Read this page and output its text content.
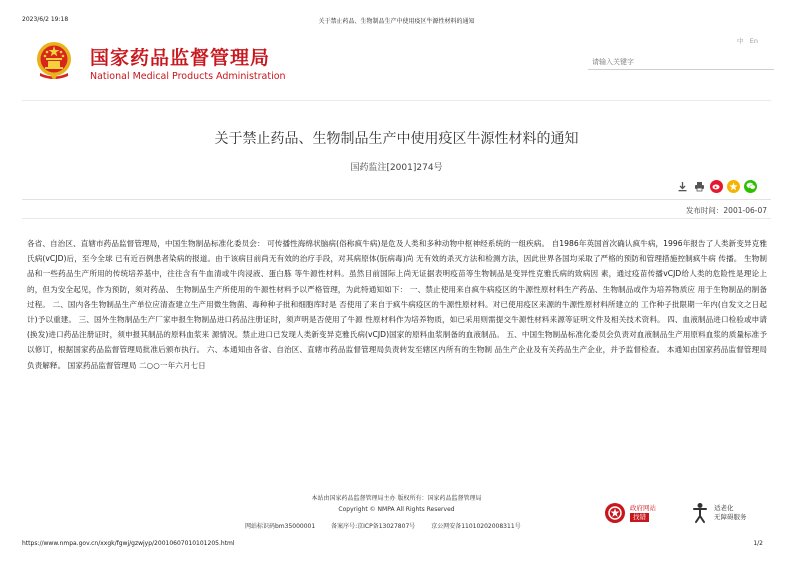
2023/6/2 19:18	关于禁止药品、生物制品生产中使用疫区牛源性材料的通知
国家药品监督管理局
National Medical Products Administration
中 En
请输入关键字
关于禁止药品、生物制品生产中使用疫区牛源性材料的通知
国药监注[2001]274号
发布时间：2001-06-07
各省、自治区、直辖市药品监督管理局，中国生物制品标准化委员会： 可传播性海绵状脑病(俗称疯牛病)是危及人类和多种动物中枢神经系统的一组疾病。 自1986年英国首次确认疯牛病，1996年报告了人类新变异克雅氏病(vCJD)后，至今全球 已有近百例患者染病的报道。由于该病目前尚无有效的治疗手段，对其病原体(朊病毒)尚 无有效的杀灭方法和检测方法，因此世界各国均采取了严格的预防和管理措施控制疯牛病 传播。 生物制品和一些药品生产所用的传统培养基中，往往含有牛血清或牛肉浸液、蛋白胨 等牛源性材料。虽然目前国际上尚无证据表明疫苗等生物制品是变异性克雅氏病的致病因 素，通过疫苗传播vCJD给人类的危险性是理论上的，但为安全起见，作为预防，须对药品、 生物制品生产所使用的牛源性材料予以严格管理，为此特通知如下： 一、禁止使用来自疯牛病疫区的牛源性原材料生产药品、生物制品或作为培养物质应 用于生物制品的制备过程。 二、国内各生物制品生产单位应清查建立生产用微生物菌、毒种种子批和细胞库时是 否使用了来自于疯牛病疫区的牛源性原材料。对已使用疫区来源的牛源性原材料所建立的 工作种子批限期一年内(自发文之日起计)予以重建。 三、国外生物制品生产厂家申报生物制品进口药品注册证时，须声明是否使用了牛源 性原材料作为培养物质，如已采用则需提交牛源性材料来源等证明文件及相关技术资料。 四、血液制品进口检验或申请(换发)进口药品注册证时，须申报其制品的原料血浆来 源情况。禁止进口已发现人类新变异克雅氏病(vCJD)国家的原料血浆制备的血液制品。 五、中国生物制品标准化委员会负责对血液制品生产用原料血浆的质量标准予以修订，根据国家药品监督管理局批准后颁布执行。 六、本通知由各省、自治区、直辖市药品监督管理局负责转发至辖区内所有的生物制 品生产企业及有关药品生产企业，并予监督检查。 本通知由国家药品监督管理局负责解释。 国家药品监督管理局 二○○一年六月七日
本站由国家药品监督管理局主办 版权所有：国家药品监督管理局
Copyright © NMPA All Rights Reserved
网站标识码bm35000001	备案序号:京ICP备13027807号	京公网安备11010202008311号
政府网站
找错
适老化
无障碍服务
https://www.nmpa.gov.cn/xxgk/fgwj/gzwjyp/20010607010101205.html	1/2
